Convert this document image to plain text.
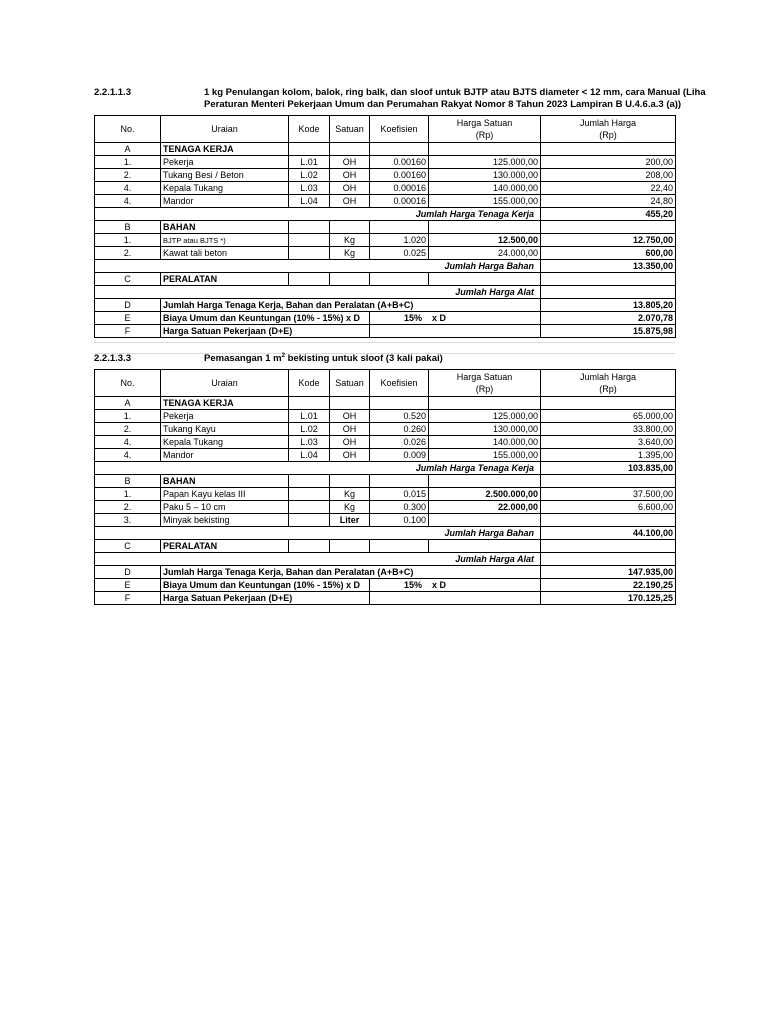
2.2.1.1.3	1 kg Penulangan kolom, balok, ring balk, dan sloof untuk BJTP atau BJTS diameter < 12 mm, cara Manual (Liha
Peraturan Menteri Pekerjaan Umum dan Perumahan Rakyat Nomor 8 Tahun 2023 Lampiran B U.4.6.a.3 (a))
No.	Uraian	Kode	Satuan	Koefisien	Harga Satuan
(Rp)	Jumlah Harga
(Rp)
A	TENAGA KERJA					
1.	Pekerja	L.01	OH	0.00160	125.000,00	200,00
2.	Tukang Besi / Beton	L.02	OH	0.00160	130.000,00	208,00
4.	Kepala Tukang	L.03	OH	0.00016	140.000,00	22,40
4.	Mandor	L.04	OH	0.00016	155.000,00	24,80
Jumlah Harga Tenaga Kerja						455,20
B	BAHAN					
1.	BJTP atau BJTS *)		Kg	1.020	12.500,00	12.750,00
2.	Kawat tali beton		Kg	0.025	24.000,00	600,00
Jumlah Harga Bahan						13.350,00
C	PERALATAN					
Jumlah Harga Alat						
D	Jumlah Harga Tenaga Kerja, Bahan dan Peralatan (A+B+C)					13.805,20
E	Biaya Umum dan Keuntungan (10% - 15%) x D			15% x D		2.070,78
F	Harga Satuan Pekerjaan (D+E)					15.875,98
2.2.1.3.3	Pemasangan 1 $m^2$ bekisting untuk sloof (3 kali pakai)
No.	Uraian	Kode	Satuan	Koefisien	Harga Satuan
(Rp)	Jumlah Harga
(Rp)
A	TENAGA KERJA					
1.	Pekerja	L.01	OH	0.520	125.000,00	65.000,00
2.	Tukang Kayu	L.02	OH	0.260	130.000,00	33.800,00
4.	Kepala Tukang	L.03	OH	0.026	140.000,00	3.640,00
4.	Mandor	L.04	OH	0.009	155.000,00	1.395,00
Jumlah Harga Tenaga Kerja						103.835,00
B	BAHAN					
1.	Papan Kayu kelas III		Kg	0.015	2.500.000,00	37.500,00
2.	Paku 5 – 10 cm		Kg	0.300	22.000,00	6.600,00
3.	Minyak bekisting		Liter	0.100		
Jumlah Harga Bahan						44.100,00
C	PERALATAN					
Jumlah Harga Alat						
D	Jumlah Harga Tenaga Kerja, Bahan dan Peralatan (A+B+C)					147.935,00
E	Biaya Umum dan Keuntungan (10% - 15%) x D			15% x D		22.190,25
F	Harga Satuan Pekerjaan (D+E)					170.125,25
